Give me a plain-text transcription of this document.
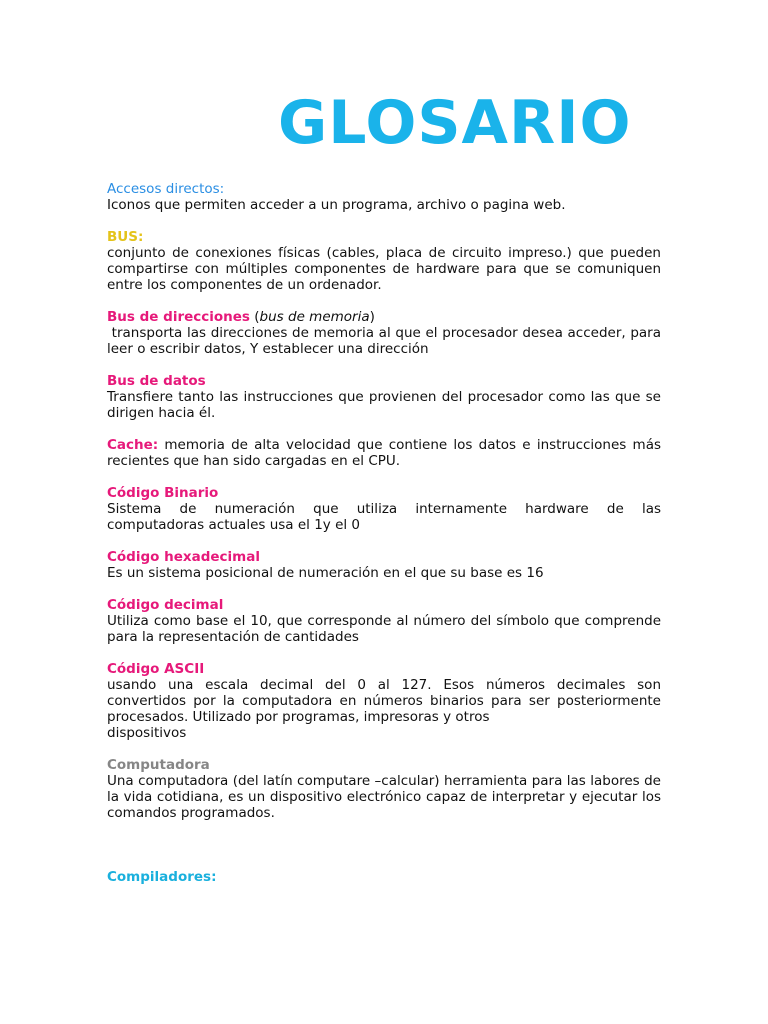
GLOSARIO
Accesos directos:

Iconos que permiten acceder a un programa, archivo o pagina web.

BUS:

conjunto de conexiones físicas (cables, placa de circuito impreso.) que pueden compartirse con múltiples componentes de hardware para que se comuniquen entre los componentes de un ordenador.

Bus de direcciones (bus de memoria)

transporta las direcciones de memoria al que el procesador desea acceder, para leer o escribir datos, Y establecer una dirección

Bus de datos

Transfiere tanto las instrucciones que provienen del procesador como las que se dirigen hacia él.

Cache: memoria de alta velocidad que contiene los datos e instrucciones más recientes que han sido cargadas en el CPU.

Código Binario

Sistema de numeración que utiliza internamente hardware de las

computadoras actuales usa el 1y el 0

Código hexadecimal

Es un sistema posicional de numeración en el que su base es 16

Código decimal

Utiliza como base el 10, que corresponde al número del símbolo que comprende para la representación de cantidades

Código ASCII

usando una escala decimal del 0 al 127. Esos números decimales son convertidos por la computadora en números binarios para ser posteriormente procesados. Utilizado por programas, impresoras y otros

dispositivos

Computadora

Una computadora (del latín computare –calcular) herramienta para las labores de la vida cotidiana, es un dispositivo electrónico capaz de interpretar y ejecutar los comandos programados.

Compiladores:
